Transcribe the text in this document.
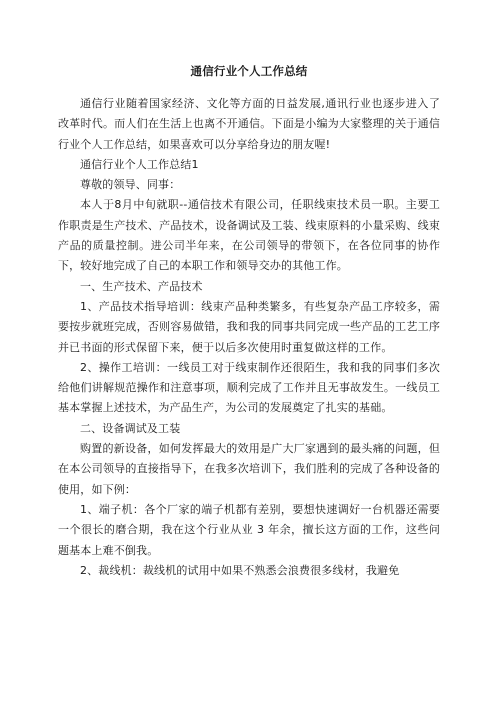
通信行业个人工作总结

通信行业随着国家经济、文化等方面的日益发展,通讯行业也逐步进入了改革时代。而人们在生活上也离不开通信。下面是小编为大家整理的关于通信行业个人工作总结，如果喜欢可以分享给身边的朋友喔!

通信行业个人工作总结1

尊敬的领导、同事：

本人于8月中旬就职--通信技术有限公司，任职线束技术员一职。主要工作职责是生产技术、产品技术，设备调试及工装、线束原料的小量采购、线束产品的质量控制。进公司半年来，在公司领导的带领下，在各位同事的协作下，较好地完成了自己的本职工作和领导交办的其他工作。

一、生产技术、产品技术

1、产品技术指导培训：线束产品种类繁多，有些复杂产品工序较多，需要按步就班完成，否则容易做错，我和我的同事共同完成一些产品的工艺工序并已书面的形式保留下来，便于以后多次使用时重复做这样的工作。

2、操作工培训：一线员工对于线束制作还很陌生，我和我的同事们多次给他们讲解规范操作和注意事项，顺利完成了工作并且无事故发生。一线员工基本掌握上述技术，为产品生产，为公司的发展奠定了扎实的基础。

二、设备调试及工装

购置的新设备，如何发挥最大的效用是广大厂家遇到的最头痛的问题，但在本公司领导的直接指导下，在我多次培训下，我们胜利的完成了各种设备的使用，如下例：

1、端子机：各个厂家的端子机都有差别，要想快速调好一台机器还需要一个很长的磨合期，我在这个行业从业 3 年余，擅长这方面的工作，这些问题基本上难不倒我。

2、裁线机：裁线机的试用中如果不熟悉会浪费很多线材，我避免
